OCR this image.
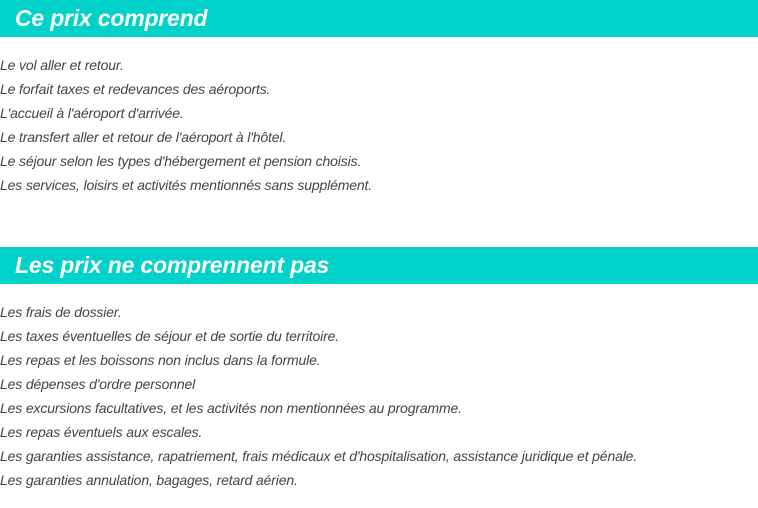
Ce prix comprend
Le vol aller et retour.
Le forfait taxes et redevances des aéroports.
L'accueil à l'aéroport d'arrivée.
Le transfert aller et retour de l'aéroport à l'hôtel.
Le séjour selon les types d'hébergement et pension choisis.
Les services, loisirs et activités mentionnés sans supplément.
Les prix ne comprennent pas
Les frais de dossier.
Les taxes éventuelles de séjour et de sortie du territoire.
Les repas et les boissons non inclus dans la formule.
Les dépenses d'ordre personnel
Les excursions facultatives, et les activités non mentionnées au programme.
Les repas éventuels aux escales.
Les garanties assistance, rapatriement, frais médicaux et d'hospitalisation, assistance juridique et pénale.
Les garanties annulation, bagages, retard aérien.
